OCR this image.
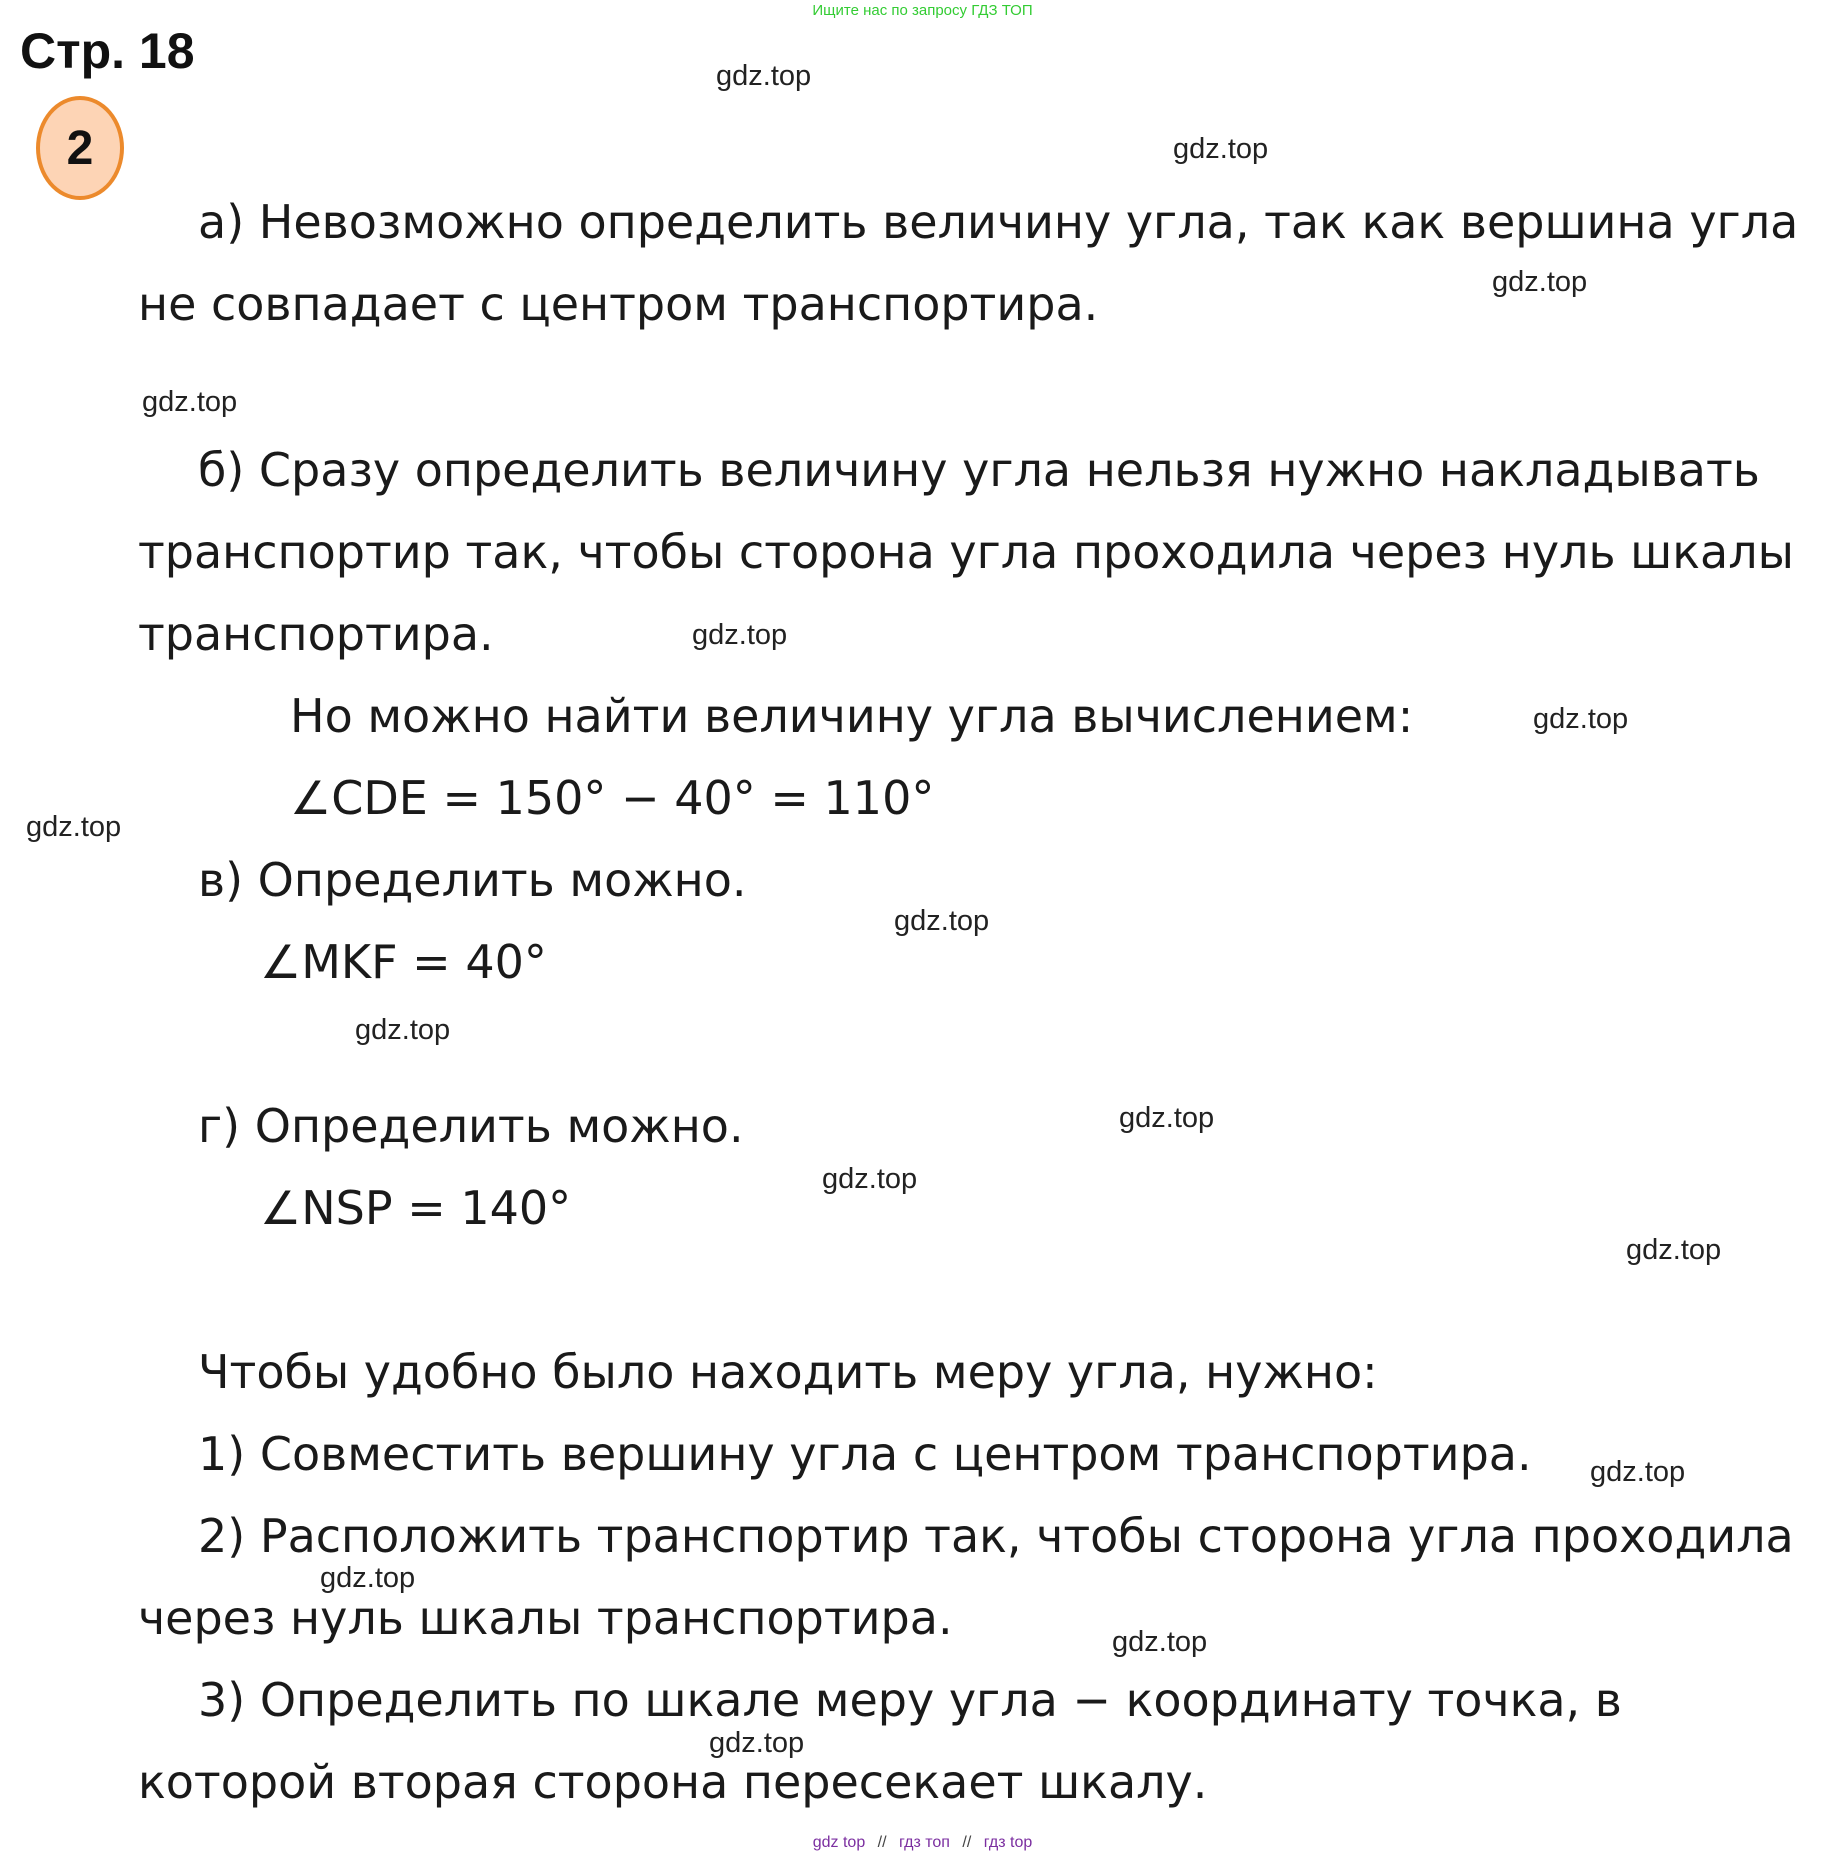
Ищите нас по запросу ГДЗ ТОП
Стр. 18
2
gdz.top
gdz.top
gdz.top
gdz.top
gdz.top
gdz.top
gdz.top
gdz.top
gdz.top
gdz.top
gdz.top
gdz.top
gdz.top
gdz.top
gdz.top
gdz.top
а) Невозможно определить величину угла, так как вершина угла
не совпадает с центром транспортира.
б) Сразу определить величину угла нельзя нужно накладывать
транспортир так, чтобы сторона угла проходила через нуль шкалы
транспортира.
Но можно найти величину угла вычислением:
∠CDE = 150° − 40° = 110°
в) Определить можно.
∠MKF = 40°
г) Определить можно.
∠NSP = 140°
Чтобы удобно было находить меру угла, нужно:
1) Совместить вершину угла с центром транспортира.
2) Расположить транспортир так, чтобы сторона угла проходила
через нуль шкалы транспортира.
3) Определить по шкале меру угла − координату точка, в
которой вторая сторона пересекает шкалу.
gdz top // гдз топ // гдз top
